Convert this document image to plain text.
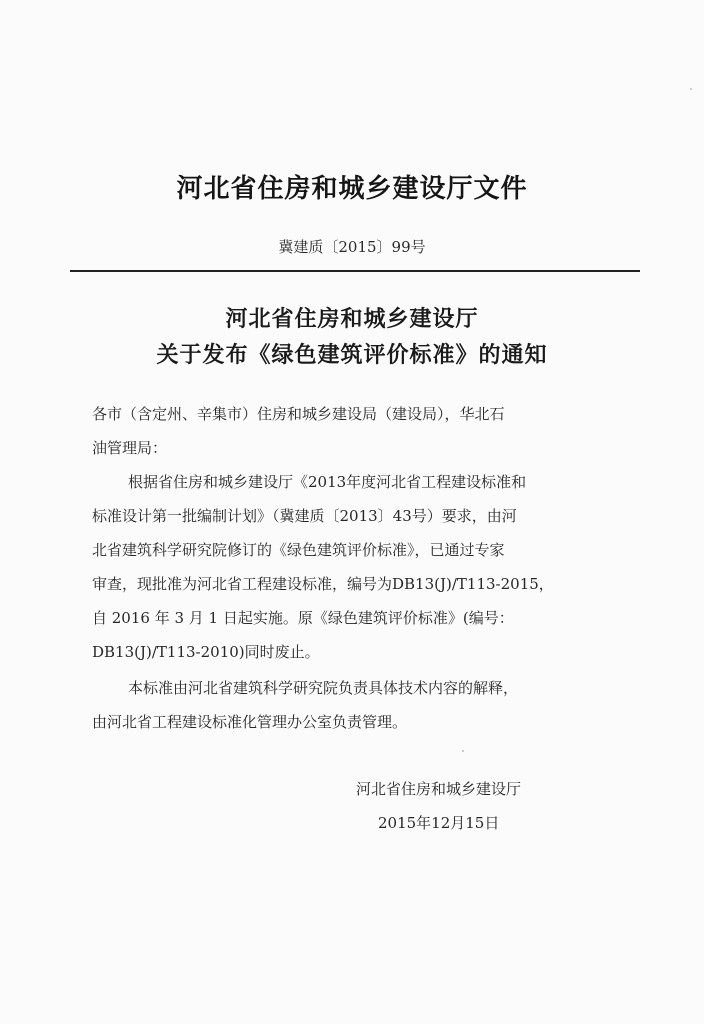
河北省住房和城乡建设厅文件
冀建质〔2015〕99号
河北省住房和城乡建设厅
关于发布《绿色建筑评价标准》的通知
各市（含定州、辛集市）住房和城乡建设局（建设局），华北石
油管理局：
根据省住房和城乡建设厅《2013年度河北省工程建设标准和
标准设计第一批编制计划》（冀建质〔2013〕43号）要求，由河
北省建筑科学研究院修订的《绿色建筑评价标准》，已通过专家
审查，现批准为河北省工程建设标准，编号为DB13(J)/T113-2015，
自 2016 年 3 月 1 日起实施。原《绿色建筑评价标准》(编号：
DB13(J)/T113-2010)同时废止。
本标准由河北省建筑科学研究院负责具体技术内容的解释，
由河北省工程建设标准化管理办公室负责管理。
河北省住房和城乡建设厅
2015年12月15日
